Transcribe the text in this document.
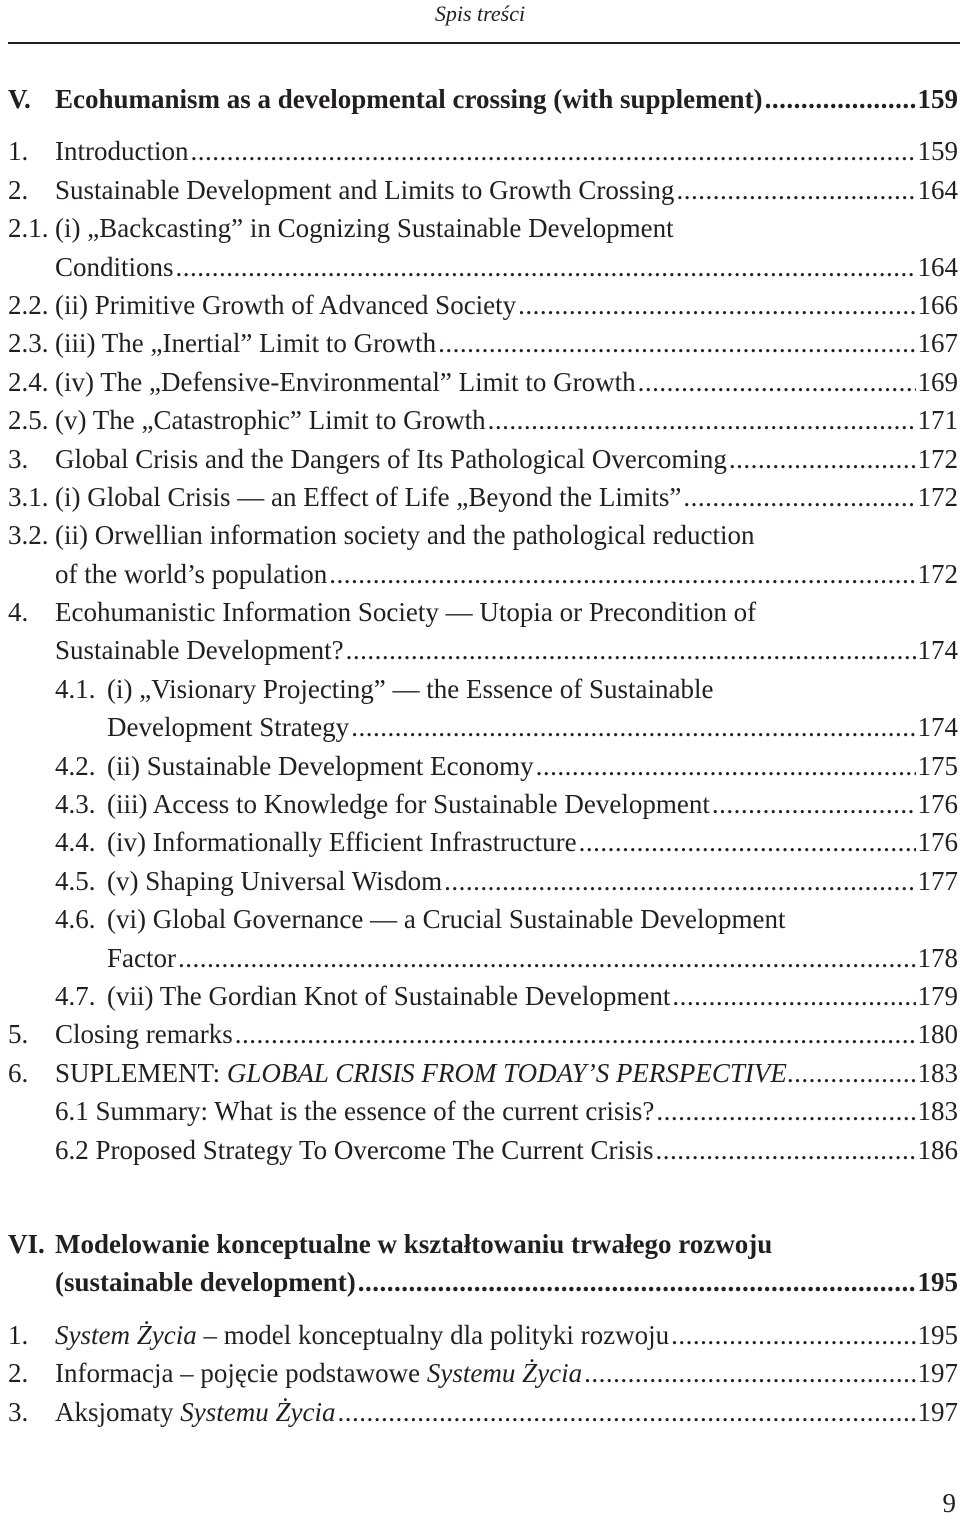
Spis treści
V. Ecohumanism as a developmental crossing (with supplement) .....	159
1. Introduction .....	159
2. Sustainable Development and Limits to Growth Crossing .....	164
2.1. (i) „Backcasting” in Cognizing Sustainable Development
Conditions .....	164
2.2. (ii) Primitive Growth of Advanced Society .....	166
2.3. (iii) The „Inertial” Limit to Growth .....	167
2.4. (iv) The „Defensive-Environmental” Limit to Growth .....	169
2.5. (v) The „Catastrophic” Limit to Growth .....	171
3. Global Crisis and the Dangers of Its Pathological Overcoming .....	172
3.1. (i) Global Crisis — an Effect of Life „Beyond the Limits” .....	172
3.2. (ii) Orwellian information society and the pathological reduction
of the world’s population .....	172
4. Ecohumanistic Information Society — Utopia or Precondition of
Sustainable Development? .....	174
4.1. (i) „Visionary Projecting” — the Essence of Sustainable
Development Strategy .....	174
4.2. (ii) Sustainable Development Economy .....	175
4.3. (iii) Access to Knowledge for Sustainable Development .....	176
4.4. (iv) Informationally Efficient Infrastructure .....	176
4.5. (v) Shaping Universal Wisdom .....	177
4.6. (vi) Global Governance — a Crucial Sustainable Development
Factor .....	178
4.7. (vii) The Gordian Knot of Sustainable Development .....	179
5. Closing remarks .....	180
6. SUPLEMENT: GLOBAL CRISIS FROM TODAY’S PERSPECTIVE .....	183
6.1 Summary: What is the essence of the current crisis? .....	183
6.2 Proposed Strategy To Overcome The Current Crisis .....	186
VI. Modelowanie konceptualne w kształtowaniu trwałego rozwoju
(sustainable development) .....	195
1. System Życia – model konceptualny dla polityki rozwoju .....	195
2. Informacja – pojęcie podstawowe Systemu Życia .....	197
3. Aksjomaty Systemu Życia .....	197
9
